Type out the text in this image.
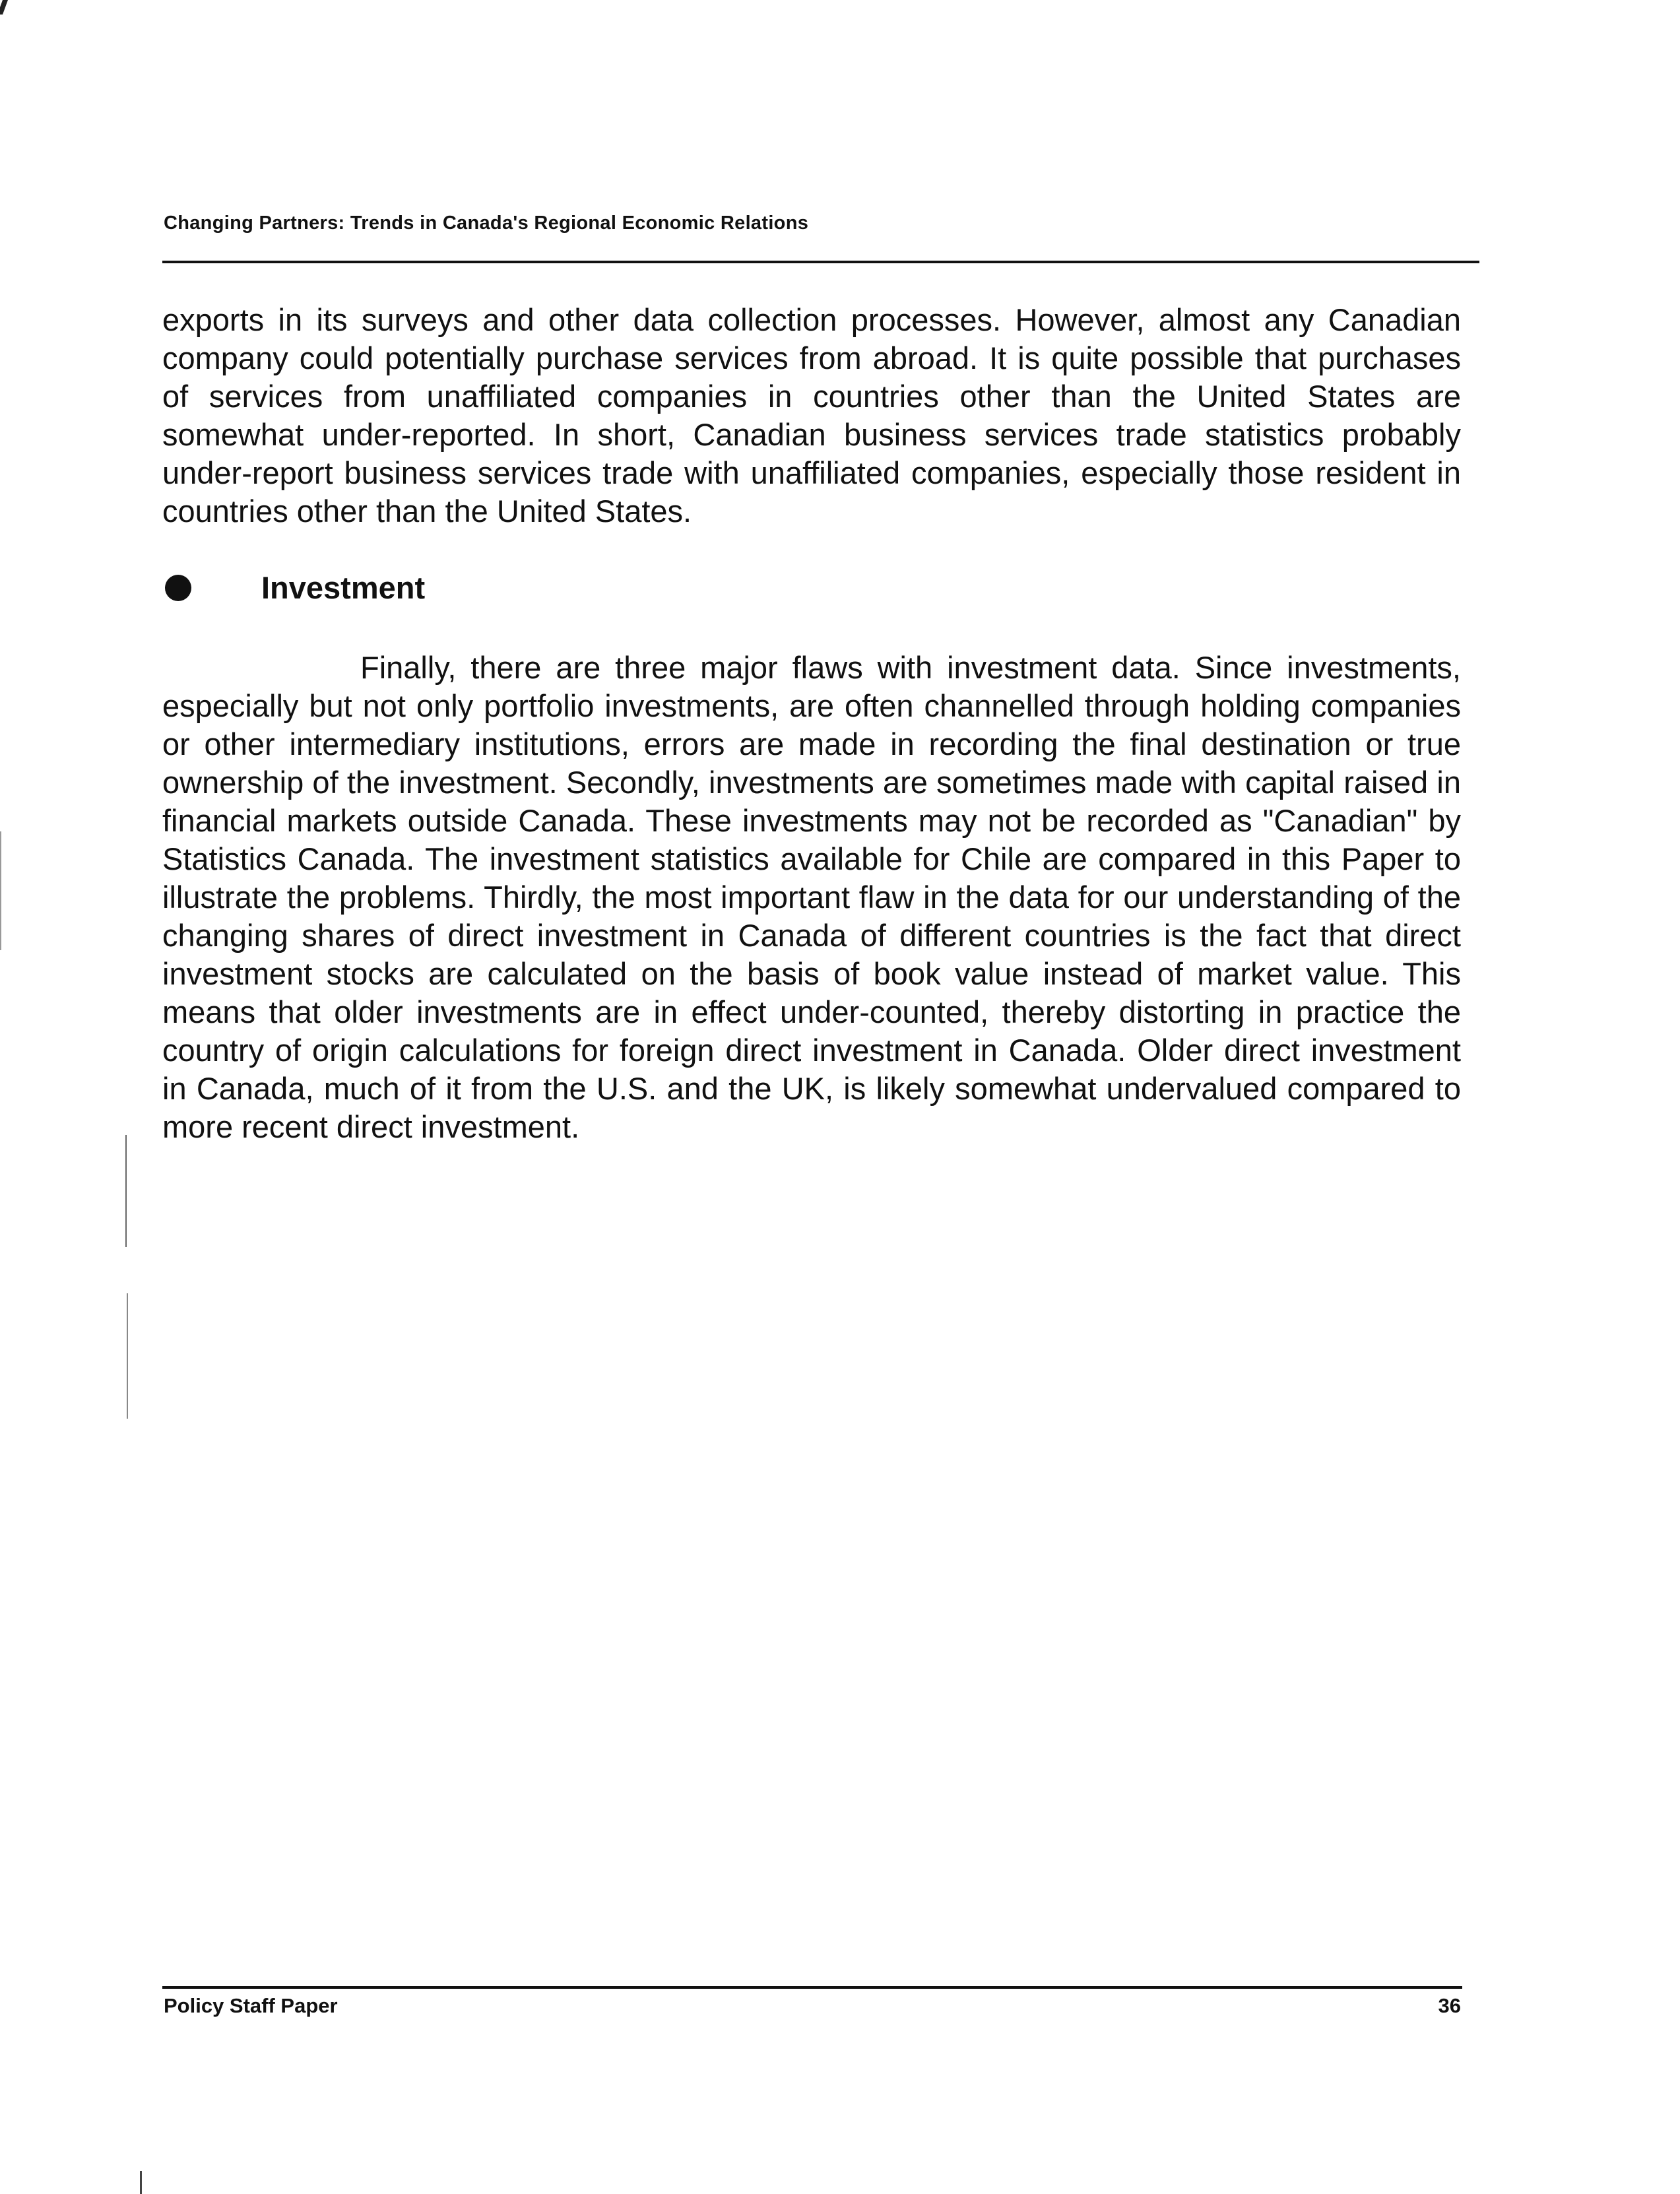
Changing Partners: Trends in Canada's Regional Economic Relations

exports in its surveys and other data collection processes. However, almost any Canadian company could potentially purchase services from abroad. It is quite possible that purchases of services from unaffiliated companies in countries other than the United States are somewhat under-reported. In short, Canadian business services trade statistics probably under-report business services trade with unaffiliated companies, especially those resident in countries other than the United States.

Investment

Finally, there are three major flaws with investment data. Since investments, especially but not only portfolio investments, are often channelled through holding companies or other intermediary institutions, errors are made in recording the final destination or true ownership of the investment. Secondly, investments are sometimes made with capital raised in financial markets outside Canada. These investments may not be recorded as "Canadian" by Statistics Canada. The investment statistics available for Chile are compared in this Paper to illustrate the problems. Thirdly, the most important flaw in the data for our understanding of the changing shares of direct investment in Canada of different countries is the fact that direct investment stocks are calculated on the basis of book value instead of market value. This means that older investments are in effect under-counted, thereby distorting in practice the country of origin calculations for foreign direct investment in Canada. Older direct investment in Canada, much of it from the U.S. and the UK, is likely somewhat undervalued compared to more recent direct investment.

Policy Staff Paper	36
